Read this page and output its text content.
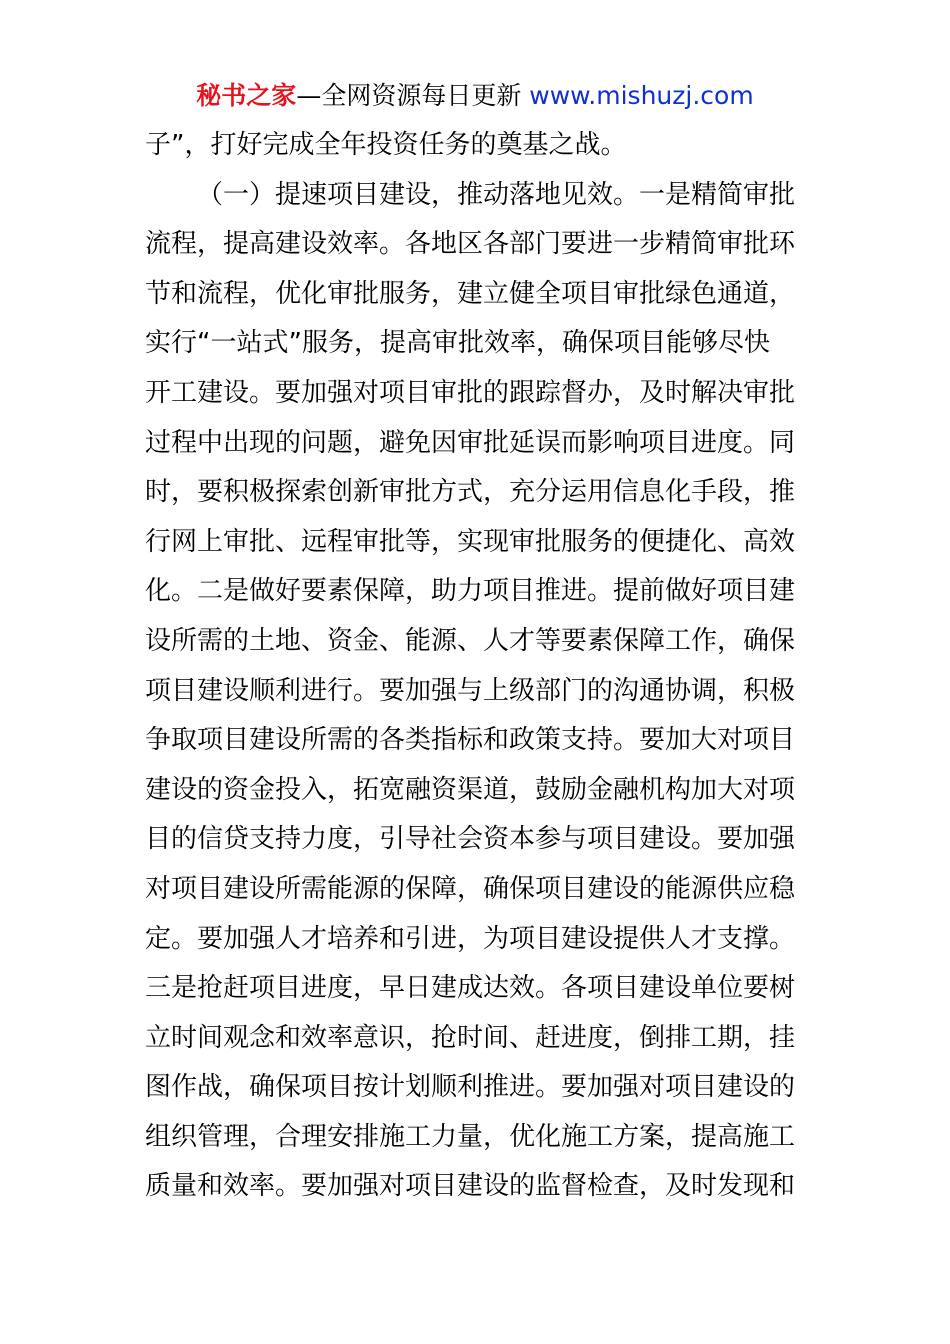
秘书之家—全网资源每日更新 www.mishuzj.com
子”，打好完成全年投资任务的奠基之战。
（一）提速项目建设，推动落地见效。一是精简审批
流程，提高建设效率。各地区各部门要进一步精简审批环
节和流程，优化审批服务，建立健全项目审批绿色通道，
实行“一站式”服务，提高审批效率，确保项目能够尽快
开工建设。要加强对项目审批的跟踪督办，及时解决审批
过程中出现的问题，避免因审批延误而影响项目进度。同
时，要积极探索创新审批方式，充分运用信息化手段，推
行网上审批、远程审批等，实现审批服务的便捷化、高效
化。二是做好要素保障，助力项目推进。提前做好项目建
设所需的土地、资金、能源、人才等要素保障工作，确保
项目建设顺利进行。要加强与上级部门的沟通协调，积极
争取项目建设所需的各类指标和政策支持。要加大对项目
建设的资金投入，拓宽融资渠道，鼓励金融机构加大对项
目的信贷支持力度，引导社会资本参与项目建设。要加强
对项目建设所需能源的保障，确保项目建设的能源供应稳
定。要加强人才培养和引进，为项目建设提供人才支撑。
三是抢赶项目进度，早日建成达效。各项目建设单位要树
立时间观念和效率意识，抢时间、赶进度，倒排工期，挂
图作战，确保项目按计划顺利推进。要加强对项目建设的
组织管理，合理安排施工力量，优化施工方案，提高施工
质量和效率。要加强对项目建设的监督检查，及时发现和
